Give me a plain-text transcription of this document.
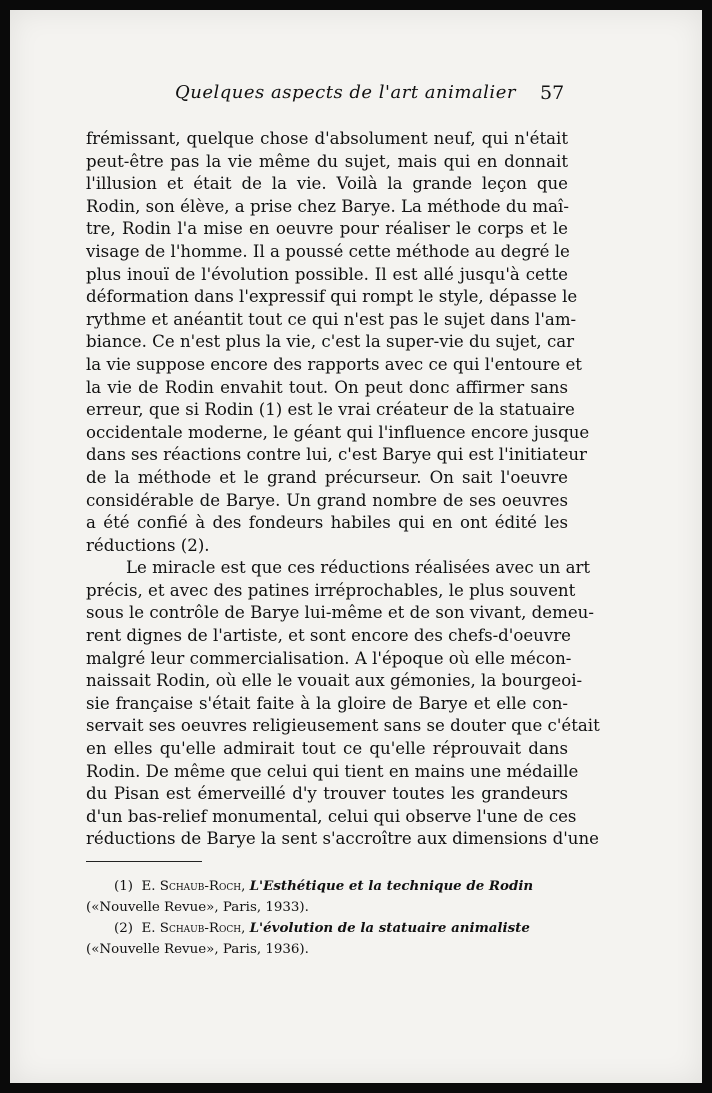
Quelques aspects de l'art animalier 57

frémissant, quelque chose d'absolument neuf, qui n'était
peut-être pas la vie même du sujet, mais qui en donnait
l'illusion et était de la vie. Voilà la grande leçon que
Rodin, son élève, a prise chez Barye. La méthode du maî-
tre, Rodin l'a mise en oeuvre pour réaliser le corps et le
visage de l'homme. Il a poussé cette méthode au degré le
plus inouï de l'évolution possible. Il est allé jusqu'à cette
déformation dans l'expressif qui rompt le style, dépasse le
rythme et anéantit tout ce qui n'est pas le sujet dans l'am-
biance. Ce n'est plus la vie, c'est la super-vie du sujet, car
la vie suppose encore des rapports avec ce qui l'entoure et
la vie de Rodin envahit tout. On peut donc affirmer sans
erreur, que si Rodin (1) est le vrai créateur de la statuaire
occidentale moderne, le géant qui l'influence encore jusque
dans ses réactions contre lui, c'est Barye qui est l'initiateur
de la méthode et le grand précurseur. On sait l'oeuvre
considérable de Barye. Un grand nombre de ses oeuvres
a été confié à des fondeurs habiles qui en ont édité les
réductions (2).

Le miracle est que ces réductions réalisées avec un art
précis, et avec des patines irréprochables, le plus souvent
sous le contrôle de Barye lui-même et de son vivant, demeu-
rent dignes de l'artiste, et sont encore des chefs-d'oeuvre
malgré leur commercialisation. A l'époque où elle mécon-
naissait Rodin, où elle le vouait aux gémonies, la bourgeoi-
sie française s'était faite à la gloire de Barye et elle con-
servait ses oeuvres religieusement sans se douter que c'était
en elles qu'elle admirait tout ce qu'elle réprouvait dans
Rodin. De même que celui qui tient en mains une médaille
du Pisan est émerveillé d'y trouver toutes les grandeurs
d'un bas-relief monumental, celui qui observe l'une de ces
réductions de Barye la sent s'accroître aux dimensions d'une

(1) E. Schaub-Roch, L'Esthétique et la technique de Rodin
(«Nouvelle Revue», Paris, 1933).
(2) E. Schaub-Roch, L'évolution de la statuaire animaliste
(«Nouvelle Revue», Paris, 1936).
